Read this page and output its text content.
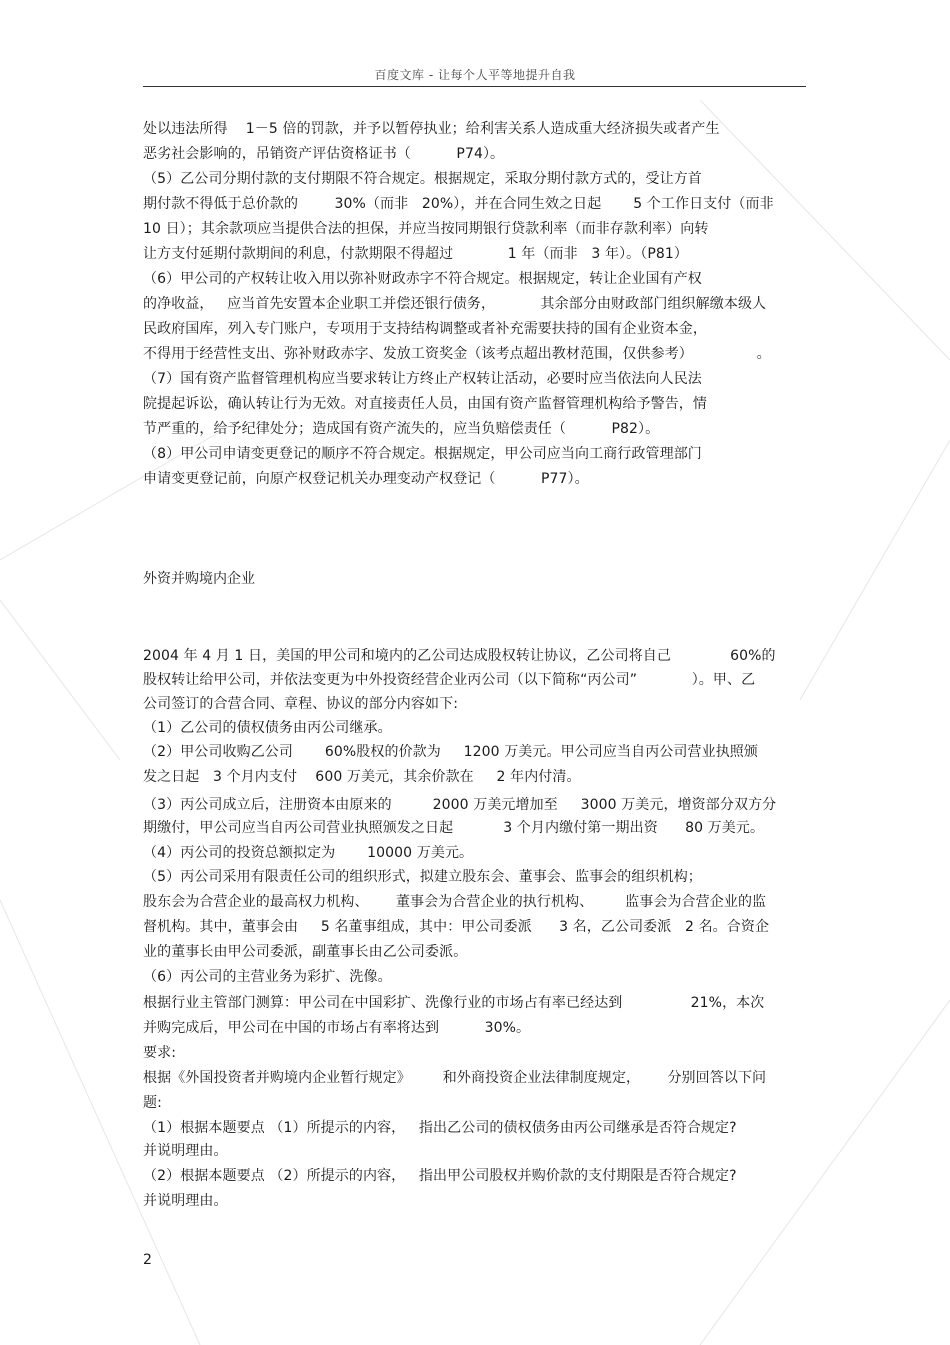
百度文库 - 让每个人平等地提升自我
处以违法所得    1－5 倍的罚款，并予以暂停执业；给利害关系人造成重大经济损失或者产生
恶劣社会影响的，吊销资产评估资格证书（          P74）。
（5）乙公司分期付款的支付期限不符合规定。根据规定，采取分期付款方式的，受让方首
期付款不得低于总价款的        30%（而非   20%），并在合同生效之日起       5 个工作日支付（而非
10 日）；其余款项应当提供合法的担保，并应当按同期银行贷款利率（而非存款利率）向转
让方支付延期付款期间的利息，付款期限不得超过            1 年（而非   3 年）。（P81）
（6）甲公司的产权转让收入用以弥补财政赤字不符合规定。根据规定，转让企业国有产权
的净收益，   应当首先安置本企业职工并偿还银行债务，          其余部分由财政部门组织解缴本级人
民政府国库，列入专门账户，专项用于支持结构调整或者补充需要扶持的国有企业资本金，
不得用于经营性支出、弥补财政赤字、发放工资奖金（该考点超出教材范围，仅供参考）              。
（7）国有资产监督管理机构应当要求转让方终止产权转让活动，必要时应当依法向人民法
院提起诉讼，确认转让行为无效。对直接责任人员，由国有资产监督管理机构给予警告，情
节严重的，给予纪律处分；造成国有资产流失的，应当负赔偿责任（          P82）。
（8）甲公司申请变更登记的顺序不符合规定。根据规定，甲公司应当向工商行政管理部门
申请变更登记前，向原产权登记机关办理变动产权登记（          P77）。
外资并购境内企业
2004 年 4 月 1 日，美国的甲公司和境内的乙公司达成股权转让协议，乙公司将自己             60%的
股权转让给甲公司，并依法变更为中外投资经营企业丙公司（以下简称“丙公司”            ）。甲、乙
公司签订的合营合同、章程、协议的部分内容如下:
（1）乙公司的债权债务由丙公司继承。
（2）甲公司收购乙公司       60%股权的价款为     1200 万美元。甲公司应当自丙公司营业执照颁
发之日起   3 个月内支付    600 万美元，其余价款在     2 年内付清。
（3）丙公司成立后，注册资本由原来的         2000 万美元增加至     3000 万美元，增资部分双方分
期缴付，甲公司应当自丙公司营业执照颁发之日起           3 个月内缴付第一期出资      80 万美元。
（4）丙公司的投资总额拟定为       10000 万美元。
（5）丙公司采用有限责任公司的组织形式，拟建立股东会、董事会、监事会的组织机构；
股东会为合营企业的最高权力机构、      董事会为合营企业的执行机构、       监事会为合营企业的监
督机构。其中，董事会由     5 名董事组成，其中：甲公司委派      3 名，乙公司委派   2 名。合资企
业的董事长由甲公司委派，副董事长由乙公司委派。
（6）丙公司的主营业务为彩扩、洗像。
根据行业主管部门测算：甲公司在中国彩扩、洗像行业的市场占有率已经达到               21%，本次
并购完成后，甲公司在中国的市场占有率将达到          30%。
要求:
根据《外国投资者并购境内企业暂行规定》       和外商投资企业法律制度规定，      分别回答以下问
题:
（1）根据本题要点 （1）所提示的内容，   指出乙公司的债权债务由丙公司继承是否符合规定?
并说明理由。
（2）根据本题要点 （2）所提示的内容，   指出甲公司股权并购价款的支付期限是否符合规定?
并说明理由。
2
